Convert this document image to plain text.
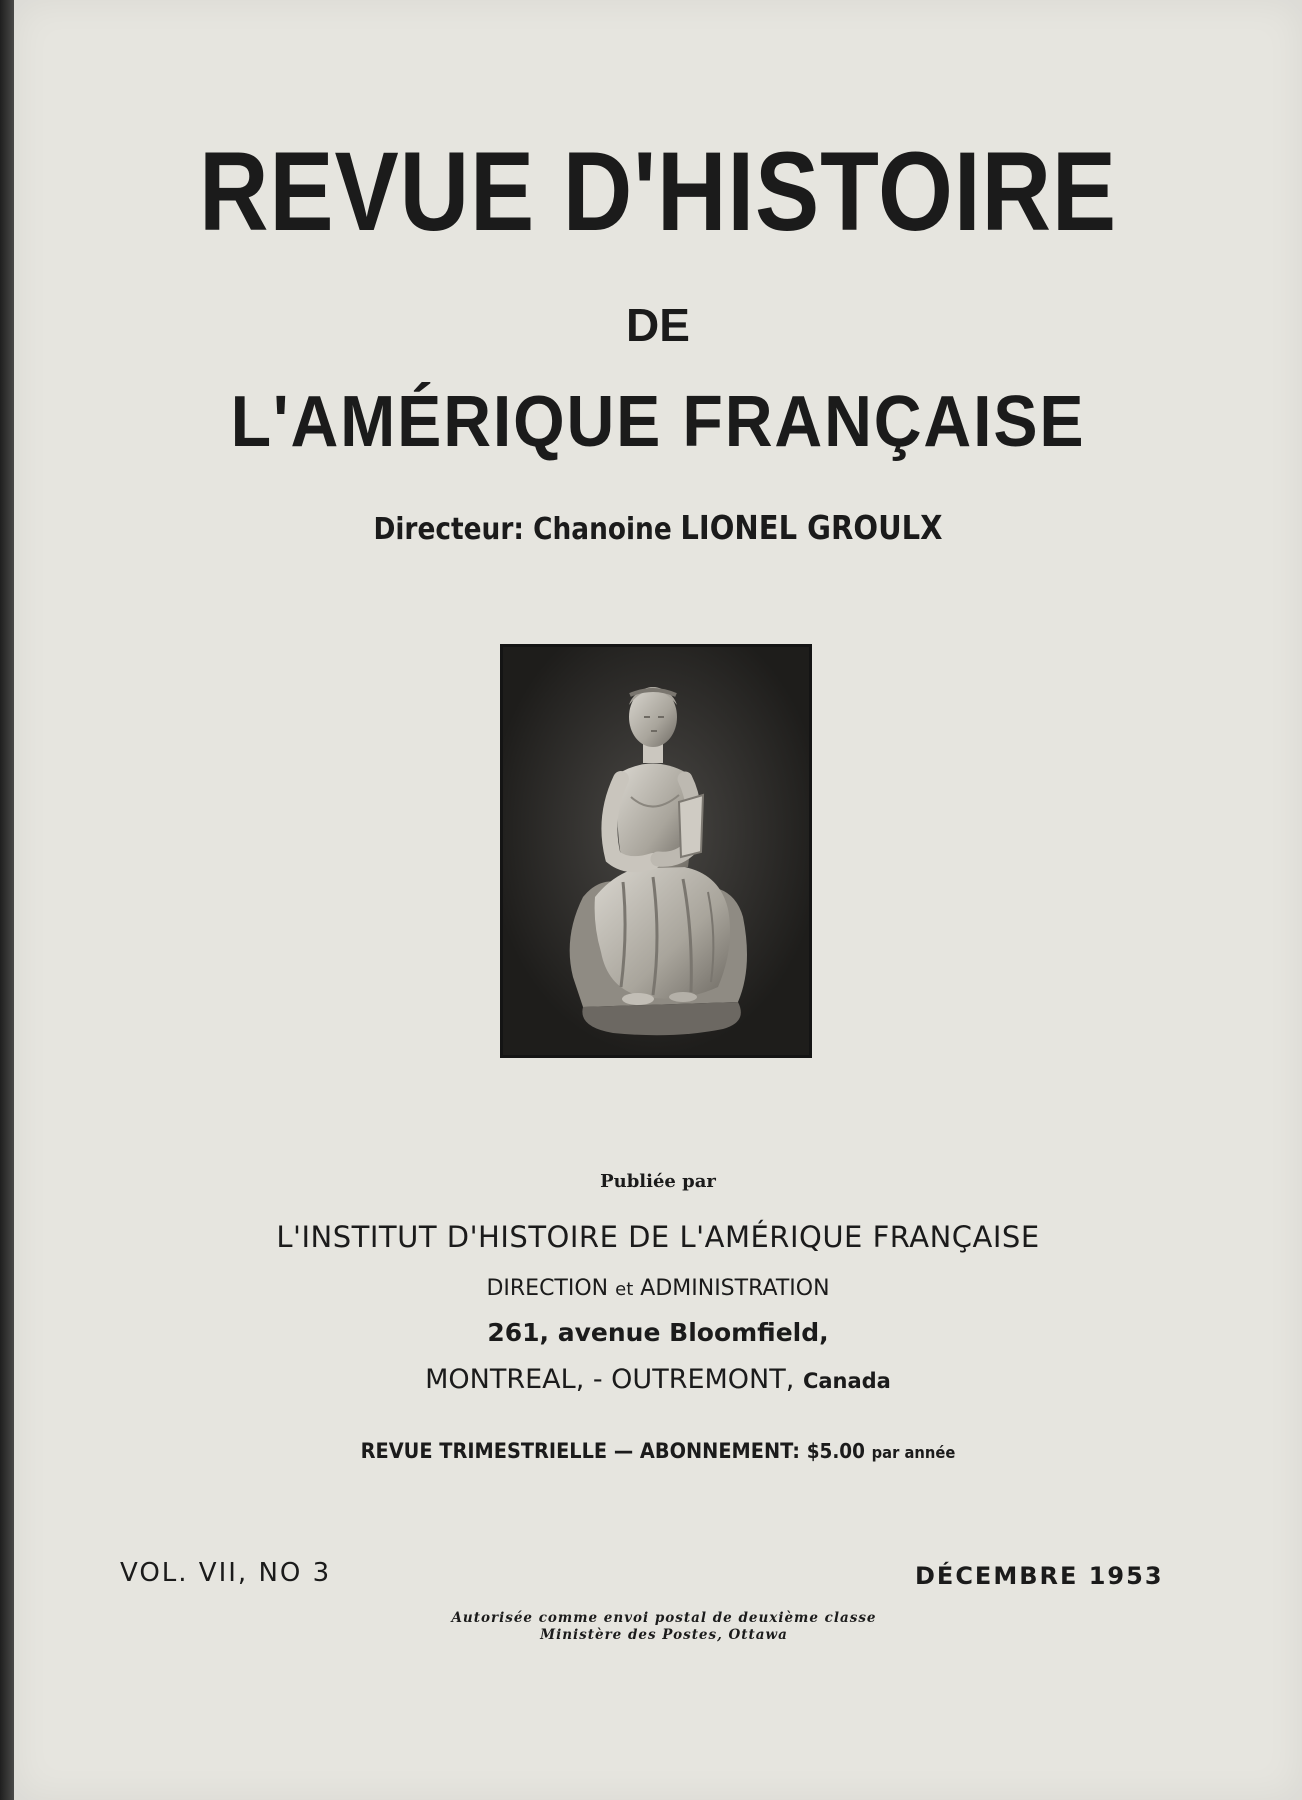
REVUE D'HISTOIRE
DE
L'AMÉRIQUE FRANÇAISE
Directeur: Chanoine LIONEL GROULX
Publiée par
L'INSTITUT D'HISTOIRE DE L'AMÉRIQUE FRANÇAISE
DIRECTION et ADMINISTRATION
261, avenue Bloomfield,
MONTREAL, - OUTREMONT, Canada
REVUE TRIMESTRIELLE — ABONNEMENT: $5.00 par année
VOL. VII, NO 3	DÉCEMBRE 1953
Autorisée comme envoi postal de deuxième classe
Ministère des Postes, Ottawa
